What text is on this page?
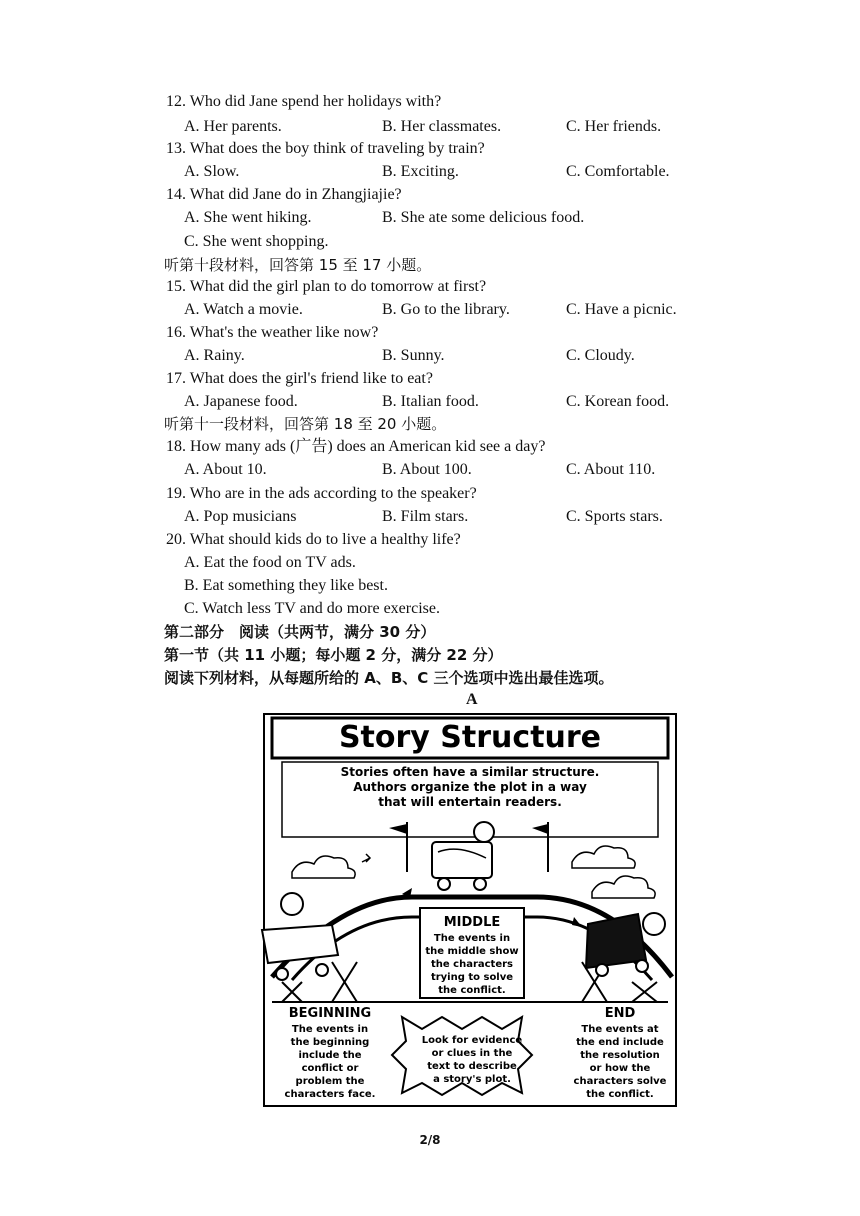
12. Who did Jane spend her holidays with?
A. Her parents.	B. Her classmates.	C. Her friends.
13. What does the boy think of traveling by train?
A. Slow.	B. Exciting.	C. Comfortable.
14. What did Jane do in Zhangjiajie?
A. She went hiking.	B. She ate some delicious food.
C. She went shopping.
听第十段材料，回答第 15 至 17 小题。
15. What did the girl plan to do tomorrow at first?
A. Watch a movie.	B. Go to the library.	C. Have a picnic.
16. What's the weather like now?
A. Rainy.	B. Sunny.	C. Cloudy.
17. What does the girl's friend like to eat?
A. Japanese food.	B. Italian food.	C. Korean food.
听第十一段材料，回答第 18 至 20 小题。
18. How many ads (广告) does an American kid see a day?
A. About 10.	B. About 100.	C. About 110.
19. Who are in the ads according to the speaker?
A. Pop musicians	B. Film stars.	C. Sports stars.
20. What should kids do to live a healthy life?
A. Eat the food on TV ads.
B. Eat something they like best.
C. Watch less TV and do more exercise.
第二部分　阅读（共两节，满分 30 分）
第一节（共 11 小题；每小题 2 分，满分 22 分）
阅读下列材料，从每题所给的 A、B、C 三个选项中选出最佳选项。
A
Story Structure
Stories often have a similar structure.
Authors organize the plot in a way
that will entertain readers.
MIDDLE
The events in
the middle show
the characters
trying to solve
the conflict.
BEGINNING
The events in
the beginning
include the
conflict or
problem the
characters face.
Look for evidence
or clues in the
text to describe
a story's plot.
END
The events at
the end include
the resolution
or how the
characters solve
the conflict.
2/8
